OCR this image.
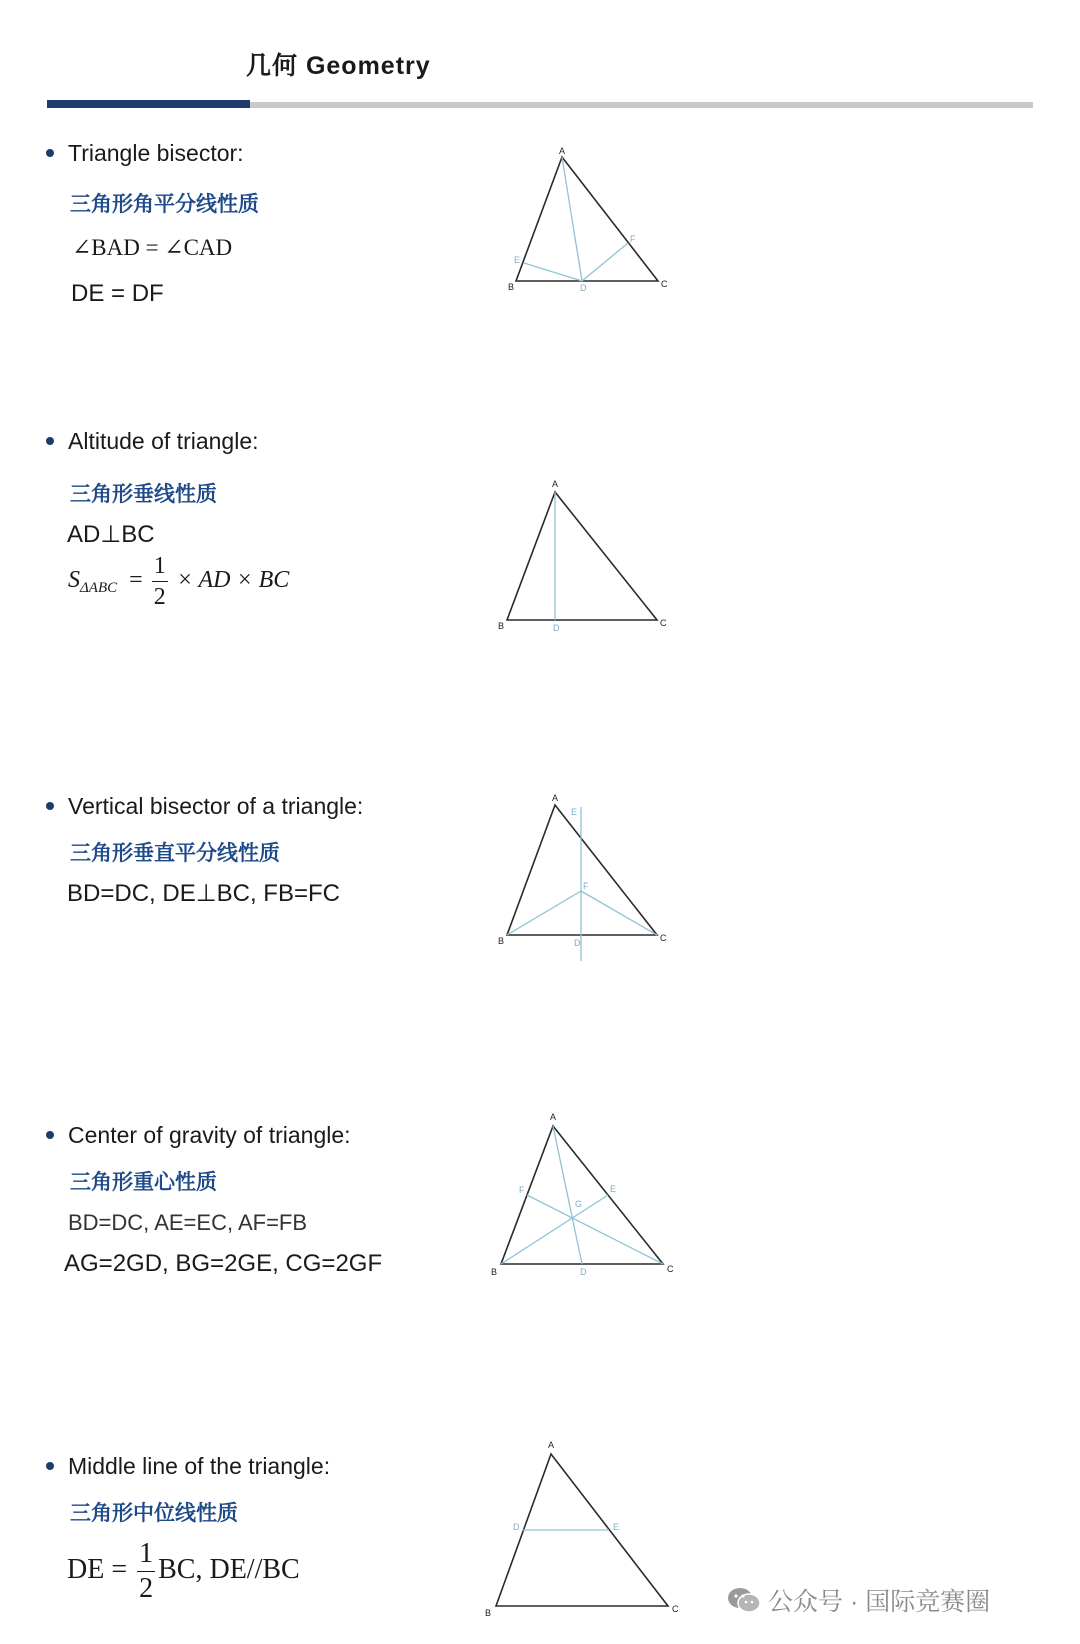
几何 Geometry
Triangle bisector:
三角形角平分线性质
∠BAD = ∠CAD
DE = DF
A
B	C
D
E
F
Altitude of triangle:
三角形垂线性质
AD⊥BC
$S_{\Delta ABC} = \frac{1}{2}$ × AD × BC
A
B	C
D
Vertical bisector of a triangle:
三角形垂直平分线性质
BD=DC, DE⊥BC, FB=FC
A
B	C
D
E
F
Center of gravity of triangle:
三角形重心性质
BD=DC, AE=EC, AF=FB
AG=2GD, BG=2GE, CG=2GF
A
B	C
D
E
F
G
Middle line of the triangle:
三角形中位线性质
DE = $\frac{1}{2}$ BC, DE//BC
A
B	C
D	E
公众号 · 国际竞赛圈
